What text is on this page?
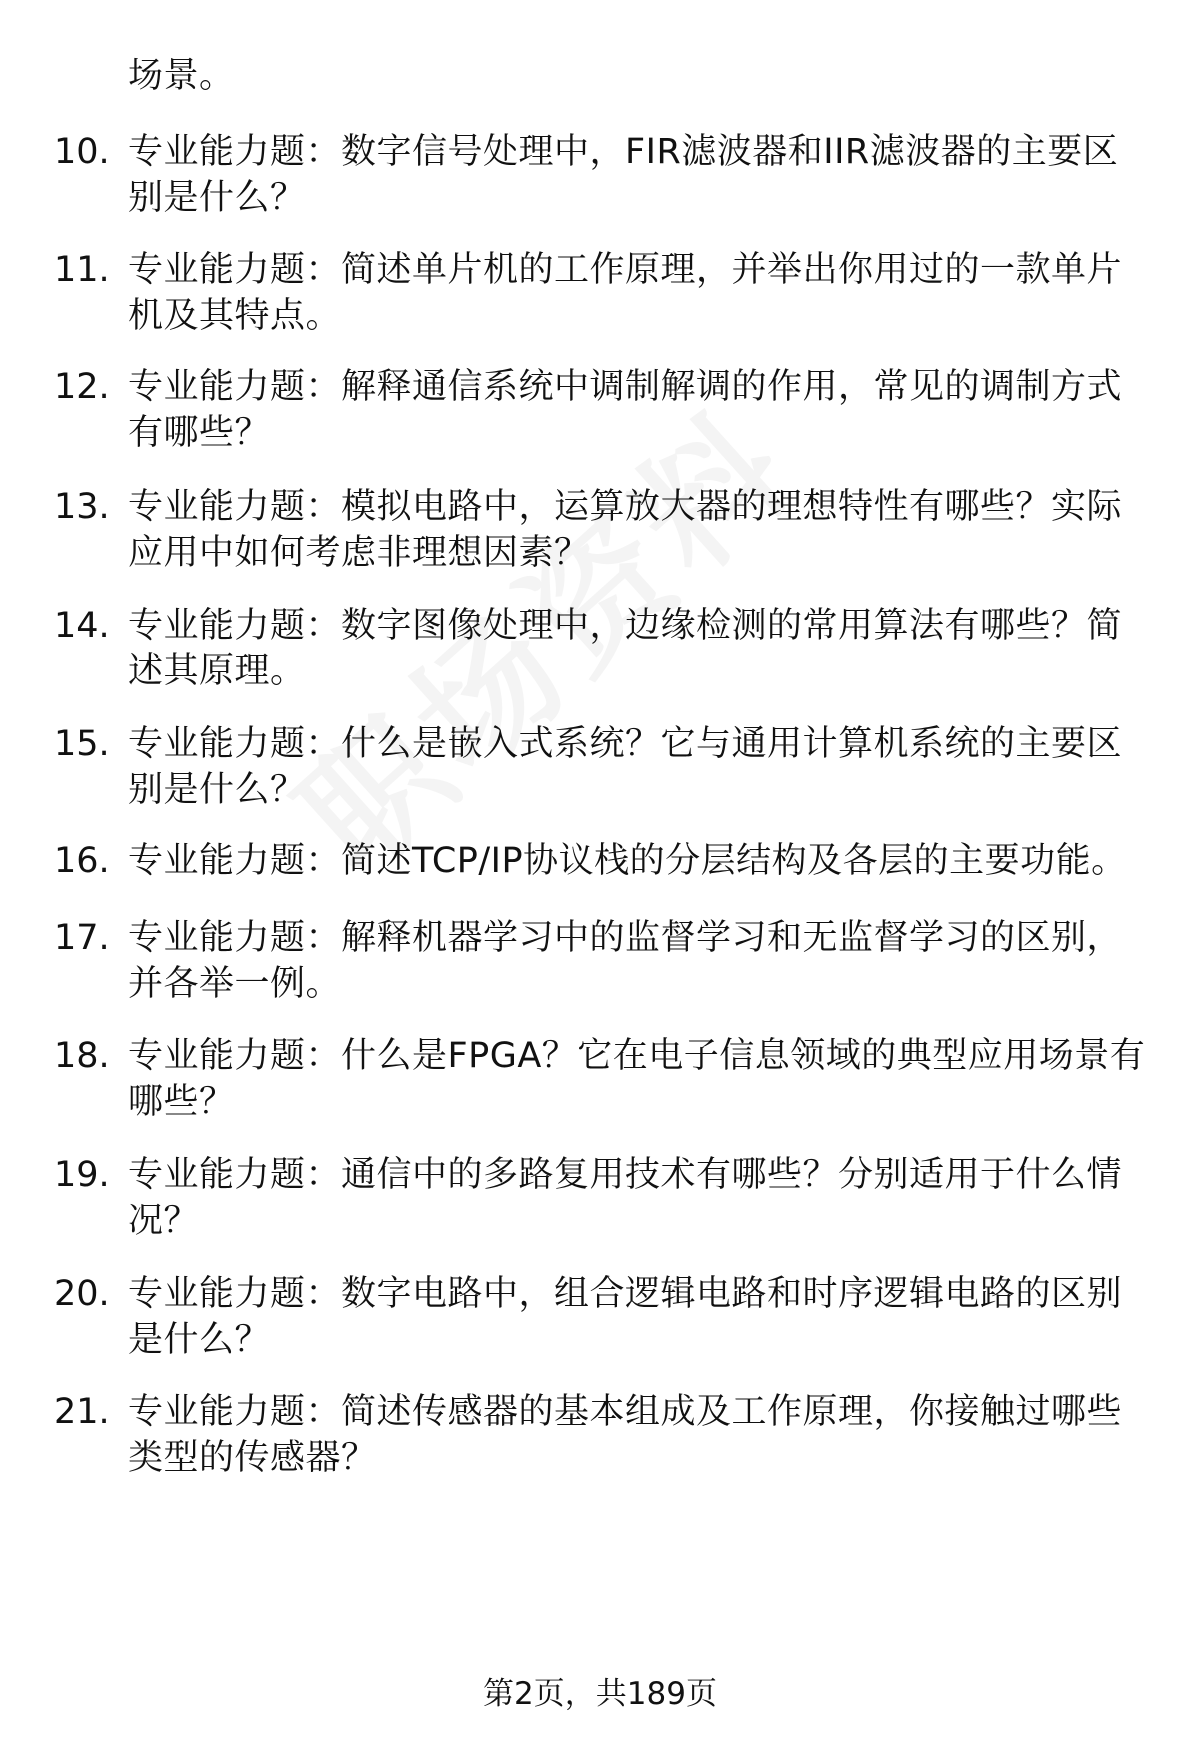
场景。
10. 专业能力题：数字信号处理中，FIR滤波器和IIR滤波器的主要区
别是什么？
11. 专业能力题：简述单片机的工作原理，并举出你用过的一款单片
机及其特点。
12. 专业能力题：解释通信系统中调制解调的作用，常见的调制方式
有哪些？
13. 专业能力题：模拟电路中，运算放大器的理想特性有哪些？实际
应用中如何考虑非理想因素？
14. 专业能力题：数字图像处理中，边缘检测的常用算法有哪些？简
述其原理。
15. 专业能力题：什么是嵌入式系统？它与通用计算机系统的主要区
别是什么？
16. 专业能力题：简述TCP/IP协议栈的分层结构及各层的主要功能。
17. 专业能力题：解释机器学习中的监督学习和无监督学习的区别，
并各举一例。
18. 专业能力题：什么是FPGA？它在电子信息领域的典型应用场景有
哪些？
19. 专业能力题：通信中的多路复用技术有哪些？分别适用于什么情
况？
20. 专业能力题：数字电路中，组合逻辑电路和时序逻辑电路的区别
是什么？
21. 专业能力题：简述传感器的基本组成及工作原理，你接触过哪些
类型的传感器？
第2页，共189页
